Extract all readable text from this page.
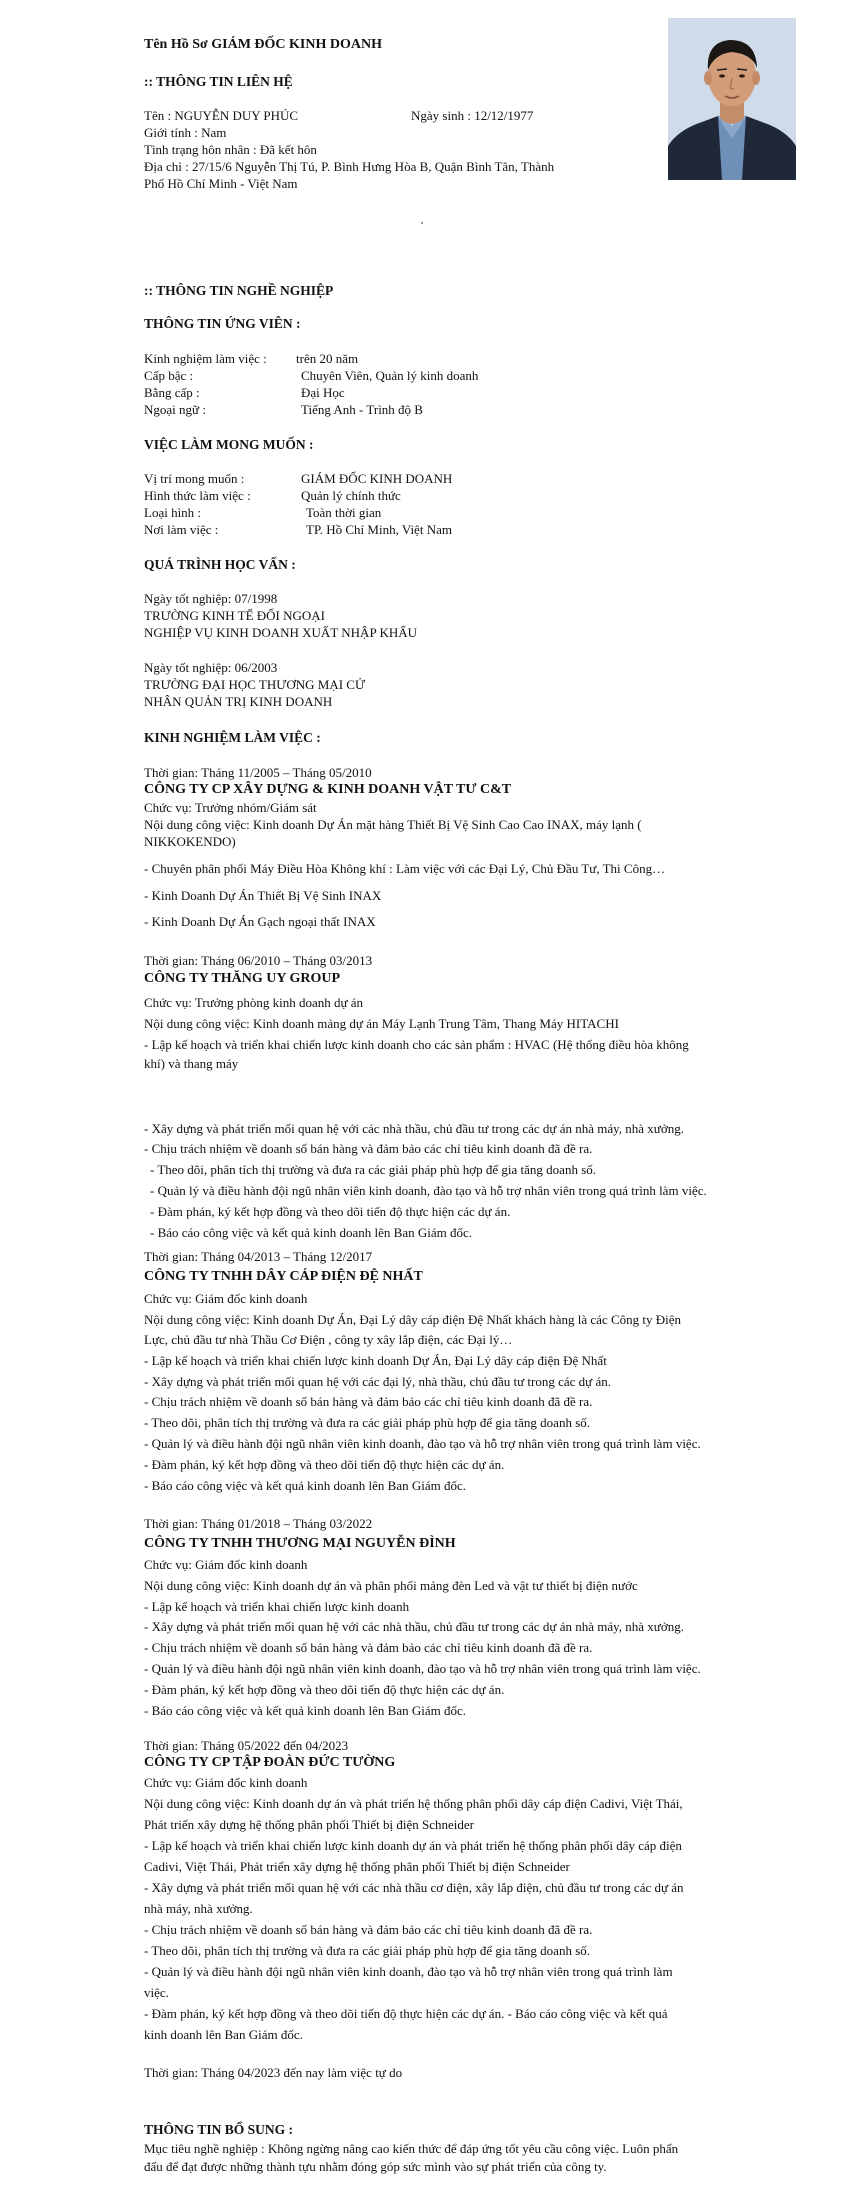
Tên Hồ Sơ GIÁM ĐỐC KINH DOANH
:: THÔNG TIN LIÊN HỆ
Tên : NGUYỄN DUY PHÚC	Ngày sinh : 12/12/1977
Giới tính : Nam
Tình trạng hôn nhân : Đã kết hôn
Địa chỉ : 27/15/6 Nguyễn Thị Tú, P. Bình Hưng Hòa B, Quận Bình Tân, Thành
Phố Hồ Chí Minh - Việt Nam
:: THÔNG TIN NGHỀ NGHIỆP
THÔNG TIN ỨNG VIÊN :
Kinh nghiệm làm việc : trên 20 năm
Cấp bậc :	Chuyên Viên, Quản lý kinh doanh
Bằng cấp :	Đại Học
Ngoại ngữ :	Tiếng Anh - Trình độ B
VIỆC LÀM MONG MUỐN :
Vị trí mong muốn :	GIÁM ĐỐC KINH DOANH
Hình thức làm việc :	Quản lý chính thức
Loại hình :	Toàn thời gian
Nơi làm việc :	TP. Hồ Chí Minh, Việt Nam
QUÁ TRÌNH HỌC VẤN :
Ngày tốt nghiệp: 07/1998
TRƯỜNG KINH TẾ ĐỐI NGOẠI
NGHIỆP VỤ KINH DOANH XUẤT NHẬP KHẨU
Ngày tốt nghiệp: 06/2003
TRƯỜNG ĐẠI HỌC THƯƠNG MẠI CỬ
NHÂN QUẢN TRỊ KINH DOANH
KINH NGHIỆM LÀM VIỆC :
Thời gian: Tháng 11/2005 – Tháng 05/2010
CÔNG TY CP XÂY DỰNG & KINH DOANH VẬT TƯ C&T
Chức vụ: Trưởng nhóm/Giám sát
Nội dung công việc: Kinh doanh Dự Án mặt hàng Thiết Bị Vệ Sinh Cao Cao INAX, máy lạnh (
NIKKOKENDO)
- Chuyên phân phối Máy Điều Hòa Không khí : Làm việc với các Đại Lý, Chủ Đầu Tư, Thi Công…
- Kinh Doanh Dự Án Thiết Bị Vệ Sinh INAX
- Kinh Doanh Dự Án Gạch ngoại thất INAX
Thời gian: Tháng 06/2010 – Tháng 03/2013
CÔNG TY THĂNG UY GROUP
Chức vụ: Trưởng phòng kinh doanh dự án
Nội dung công việc: Kinh doanh mảng dự án Máy Lạnh Trung Tâm, Thang Máy HITACHI
- Lập kế hoạch và triển khai chiến lược kinh doanh cho các sản phẩm : HVAC (Hệ thống điều hòa không
khí) và thang máy
- Xây dựng và phát triển mối quan hệ với các nhà thầu, chủ đầu tư trong các dự án nhà máy, nhà xưởng.
- Chịu trách nhiệm về doanh số bán hàng và đảm bảo các chỉ tiêu kinh doanh đã đề ra.
- Theo dõi, phân tích thị trường và đưa ra các giải pháp phù hợp để gia tăng doanh số.
- Quản lý và điều hành đội ngũ nhân viên kinh doanh, đào tạo và hỗ trợ nhân viên trong quá trình làm việc.
- Đàm phán, ký kết hợp đồng và theo dõi tiến độ thực hiện các dự án.
- Báo cáo công việc và kết quả kinh doanh lên Ban Giám đốc.
Thời gian: Tháng 04/2013 – Tháng 12/2017
CÔNG TY TNHH DÂY CÁP ĐIỆN ĐỆ NHẤT
Chức vụ: Giám đốc kinh doanh
Nội dung công việc: Kinh doanh Dự Án, Đại Lý dây cáp điện Đệ Nhất khách hàng là các Công ty Điện
Lực, chủ đầu tư nhà Thầu Cơ Điện , công ty xây lắp điện, các Đại lý…
- Lập kế hoạch và triển khai chiến lược kinh doanh Dự Án, Đại Lý dây cáp điện Đệ Nhất
- Xây dựng và phát triển mối quan hệ với các đại lý, nhà thầu, chủ đầu tư trong các dự án.
- Chịu trách nhiệm về doanh số bán hàng và đảm bảo các chỉ tiêu kinh doanh đã đề ra.
- Theo dõi, phân tích thị trường và đưa ra các giải pháp phù hợp để gia tăng doanh số.
- Quản lý và điều hành đội ngũ nhân viên kinh doanh, đào tạo và hỗ trợ nhân viên trong quá trình làm việc.
- Đàm phán, ký kết hợp đồng và theo dõi tiến độ thực hiện các dự án.
- Báo cáo công việc và kết quả kinh doanh lên Ban Giám đốc.
Thời gian: Tháng 01/2018 – Tháng 03/2022
CÔNG TY TNHH THƯƠNG MẠI NGUYỄN ĐÌNH
Chức vụ: Giám đốc kinh doanh
Nội dung công việc: Kinh doanh dự án và phân phối mảng đèn Led và vật tư thiết bị điện nước
- Lập kế hoạch và triển khai chiến lược kinh doanh
- Xây dựng và phát triển mối quan hệ với các nhà thầu, chủ đầu tư trong các dự án nhà máy, nhà xưởng.
- Chịu trách nhiệm về doanh số bán hàng và đảm bảo các chỉ tiêu kinh doanh đã đề ra.
- Quản lý và điều hành đội ngũ nhân viên kinh doanh, đào tạo và hỗ trợ nhân viên trong quá trình làm việc.
- Đàm phán, ký kết hợp đồng và theo dõi tiến độ thực hiện các dự án.
- Báo cáo công việc và kết quả kinh doanh lên Ban Giám đốc.
Thời gian: Tháng 05/2022 đến 04/2023
CÔNG TY CP TẬP ĐOÀN ĐỨC TƯỜNG
Chức vụ: Giám đốc kinh doanh
Nội dung công việc: Kinh doanh dự án và phát triển hệ thống phân phối dây cáp điện Cadivi, Việt Thái,
Phát triển xây dựng hệ thống phân phối Thiết bị điện Schneider
- Lập kế hoạch và triển khai chiến lược kinh doanh dự án và phát triển hệ thống phân phối dây cáp điện
Cadivi, Việt Thái, Phát triển xây dựng hệ thống phân phối Thiết bị điện Schneider
- Xây dựng và phát triển mối quan hệ với các nhà thầu cơ điện, xây lắp điện, chủ đầu tư trong các dự án
nhà máy, nhà xưởng.
- Chịu trách nhiệm về doanh số bán hàng và đảm bảo các chỉ tiêu kinh doanh đã đề ra.
- Theo dõi, phân tích thị trường và đưa ra các giải pháp phù hợp để gia tăng doanh số.
- Quản lý và điều hành đội ngũ nhân viên kinh doanh, đào tạo và hỗ trợ nhân viên trong quá trình làm
việc.
- Đàm phán, ký kết hợp đồng và theo dõi tiến độ thực hiện các dự án. - Báo cáo công việc và kết quả
kinh doanh lên Ban Giám đốc.
Thời gian: Tháng 04/2023 đến nay làm việc tự do
THÔNG TIN BỔ SUNG :
Mục tiêu nghề nghiệp : Không ngừng nâng cao kiến thức để đáp ứng tốt yêu cầu công việc. Luôn phấn
đấu để đạt được những thành tựu nhằm đóng góp sức mình vào sự phát triển của công ty.
